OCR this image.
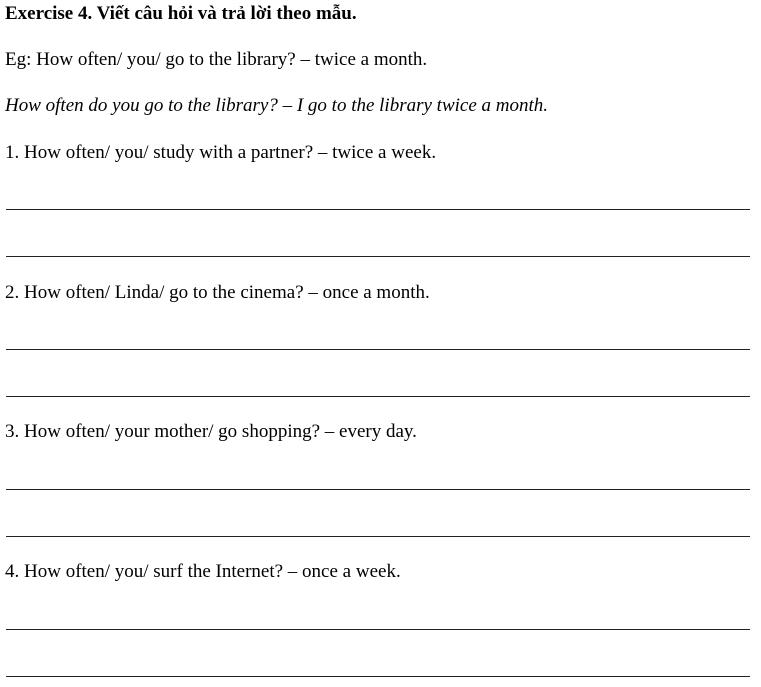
Exercise 4. Viết câu hỏi và trả lời theo mẫu.
Eg: How often/ you/ go to the library? – twice a month.
How often do you go to the library? – I go to the library twice a month.
1. How often/ you/ study with a partner? – twice a week.
2. How often/ Linda/ go to the cinema? – once a month.
3. How often/ your mother/ go shopping? – every day.
4. How often/ you/ surf the Internet? – once a week.
